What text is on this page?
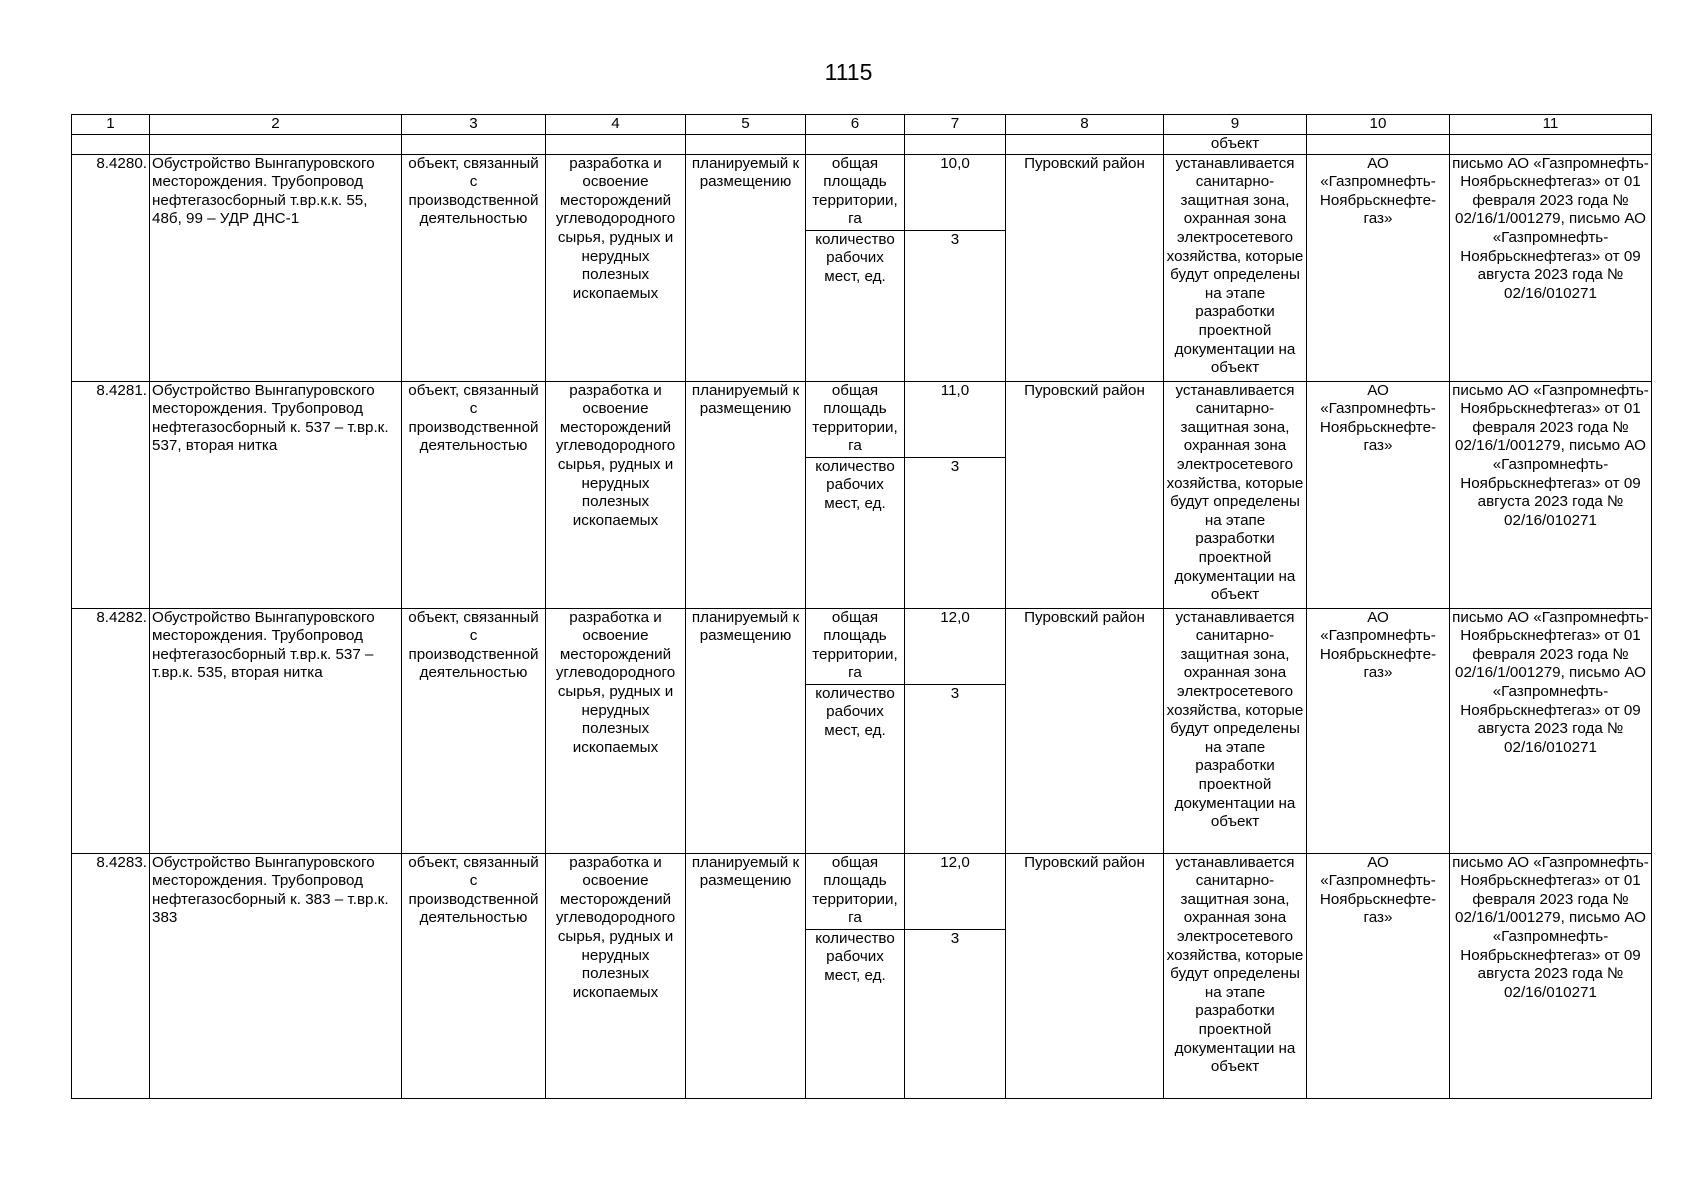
1115
1	2	3	4	5	6	7	8	9	10	11
								объект		
8.4280.	Обустройство Вынгапуровского месторождения. Трубопровод нефтегазосборный т.вр.к.к. 55, 48б, 99 – УДР ДНС-1	объект, связанный с производственной деятельностью	разработка и освоение месторождений углеводородного сырья, рудных и нерудных полезных ископаемых	планируемый к размещению	общая площадь территории, га	10,0	Пуровский район	устанавливается санитарно-защитная зона, охранная зона электросетевого хозяйства, которые будут определены на этапе разработки проектной документации на объект	АО «Газпромнефть-Ноябрьскнефте-газ»	письмо АО «Газпромнефть-Ноябрьскнефтегаз» от 01 февраля 2023 года № 02/16/1/001279, письмо АО «Газпромнефть-Ноябрьскнефтегаз» от 09 августа 2023 года № 02/16/010271
					количество рабочих мест, ед.	3				
8.4281.	Обустройство Вынгапуровского месторождения. Трубопровод нефтегазосборный к. 537 – т.вр.к. 537, вторая нитка	объект, связанный с производственной деятельностью	разработка и освоение месторождений углеводородного сырья, рудных и нерудных полезных ископаемых	планируемый к размещению	общая площадь территории, га	11,0	Пуровский район	устанавливается санитарно-защитная зона, охранная зона электросетевого хозяйства, которые будут определены на этапе разработки проектной документации на объект	АО «Газпромнефть-Ноябрьскнефте-газ»	письмо АО «Газпромнефть-Ноябрьскнефтегаз» от 01 февраля 2023 года № 02/16/1/001279, письмо АО «Газпромнефть-Ноябрьскнефтегаз» от 09 августа 2023 года № 02/16/010271
					количество рабочих мест, ед.	3				
8.4282.	Обустройство Вынгапуровского месторождения. Трубопровод нефтегазосборный т.вр.к. 537 – т.вр.к. 535, вторая нитка	объект, связанный с производственной деятельностью	разработка и освоение месторождений углеводородного сырья, рудных и нерудных полезных ископаемых	планируемый к размещению	общая площадь территории, га	12,0	Пуровский район	устанавливается санитарно-защитная зона, охранная зона электросетевого хозяйства, которые будут определены на этапе разработки проектной документации на объект	АО «Газпромнефть-Ноябрьскнефте-газ»	письмо АО «Газпромнефть-Ноябрьскнефтегаз» от 01 февраля 2023 года № 02/16/1/001279, письмо АО «Газпромнефть-Ноябрьскнефтегаз» от 09 августа 2023 года № 02/16/010271
					количество рабочих мест, ед.	3				
8.4283.	Обустройство Вынгапуровского месторождения. Трубопровод нефтегазосборный к. 383 – т.вр.к. 383	объект, связанный с производственной деятельностью	разработка и освоение месторождений углеводородного сырья, рудных и нерудных полезных ископаемых	планируемый к размещению	общая площадь территории, га	12,0	Пуровский район	устанавливается санитарно-защитная зона, охранная зона электросетевого хозяйства, которые будут определены на этапе разработки проектной документации на объект	АО «Газпромнефть-Ноябрьскнефте-газ»	письмо АО «Газпромнефть-Ноябрьскнефтегаз» от 01 февраля 2023 года № 02/16/1/001279, письмо АО «Газпромнефть-Ноябрьскнефтегаз» от 09 августа 2023 года № 02/16/010271
					количество рабочих мест, ед.	3				
